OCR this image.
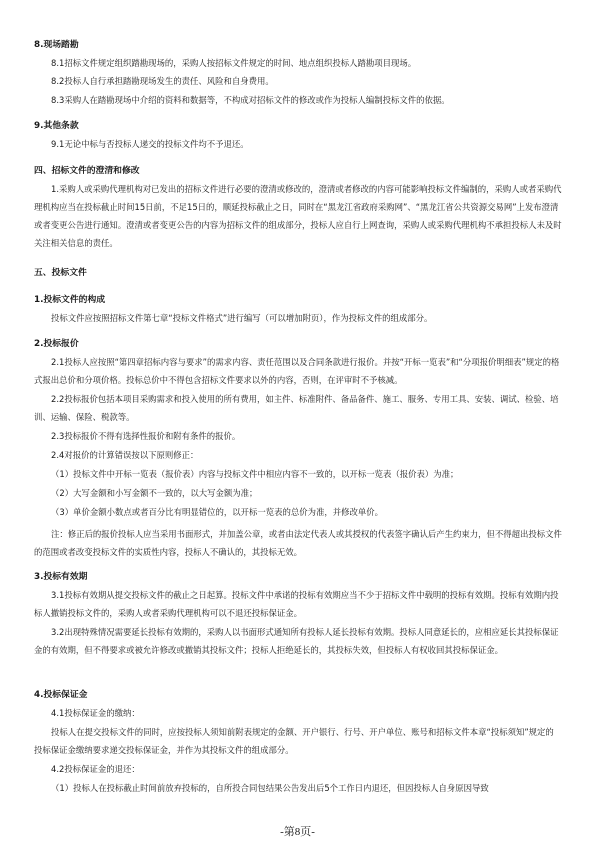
8.现场踏勘

8.1招标文件规定组织踏勘现场的，采购人按招标文件规定的时间、地点组织投标人踏勘项目现场。

8.2投标人自行承担踏勘现场发生的责任、风险和自身费用。

8.3采购人在踏勘现场中介绍的资料和数据等，不构成对招标文件的修改或作为投标人编制投标文件的依据。

9.其他条款

9.1无论中标与否投标人递交的投标文件均不予退还。

四、招标文件的澄清和修改

1.采购人或采购代理机构对已发出的招标文件进行必要的澄清或修改的，澄清或者修改的内容可能影响投标文件编制的，采购人或者采购代理机构应当在投标截止时间15日前，不足15日的，顺延投标截止之日，同时在“黑龙江省政府采购网”、“黑龙江省公共资源交易网”上发布澄清或者变更公告进行通知。澄清或者变更公告的内容为招标文件的组成部分，投标人应自行上网查询，采购人或采购代理机构不承担投标人未及时关注相关信息的责任。

五、投标文件

1.投标文件的构成

投标文件应按照招标文件第七章“投标文件格式”进行编写（可以增加附页），作为投标文件的组成部分。

2.投标报价

2.1投标人应按照“第四章招标内容与要求”的需求内容、责任范围以及合同条款进行报价。并按“开标一览表”和“分项报价明细表”规定的格式报出总价和分项价格。投标总价中不得包含招标文件要求以外的内容，否则，在评审时不予核减。

2.2投标报价包括本项目采购需求和投入使用的所有费用，如主件、标准附件、备品备件、施工、服务、专用工具、安装、调试、检验、培训、运输、保险、税款等。

2.3投标报价不得有选择性报价和附有条件的报价。

2.4对报价的计算错误按以下原则修正：

（1）投标文件中开标一览表（报价表）内容与投标文件中相应内容不一致的，以开标一览表（报价表）为准；

（2）大写金额和小写金额不一致的，以大写金额为准；

（3）单价金额小数点或者百分比有明显错位的，以开标一览表的总价为准，并修改单价。

注：修正后的报价投标人应当采用书面形式，并加盖公章，或者由法定代表人或其授权的代表签字确认后产生约束力，但不得超出投标文件的范围或者改变投标文件的实质性内容，投标人不确认的，其投标无效。

3.投标有效期

3.1投标有效期从提交投标文件的截止之日起算。投标文件中承诺的投标有效期应当不少于招标文件中载明的投标有效期。投标有效期内投标人撤销投标文件的，采购人或者采购代理机构可以不退还投标保证金。

3.2出现特殊情况需要延长投标有效期的，采购人以书面形式通知所有投标人延长投标有效期。投标人同意延长的，应相应延长其投标保证金的有效期，但不得要求或被允许修改或撤销其投标文件；投标人拒绝延长的，其投标失效，但投标人有权收回其投标保证金。

4.投标保证金

4.1投标保证金的缴纳：

投标人在提交投标文件的同时，应按投标人须知前附表规定的金额、开户银行、行号、开户单位、账号和招标文件本章“投标须知”规定的投标保证金缴纳要求递交投标保证金，并作为其投标文件的组成部分。

4.2投标保证金的退还：

（1）投标人在投标截止时间前放弃投标的，自所投合同包结果公告发出后5个工作日内退还，但因投标人自身原因导致

-第8页-
